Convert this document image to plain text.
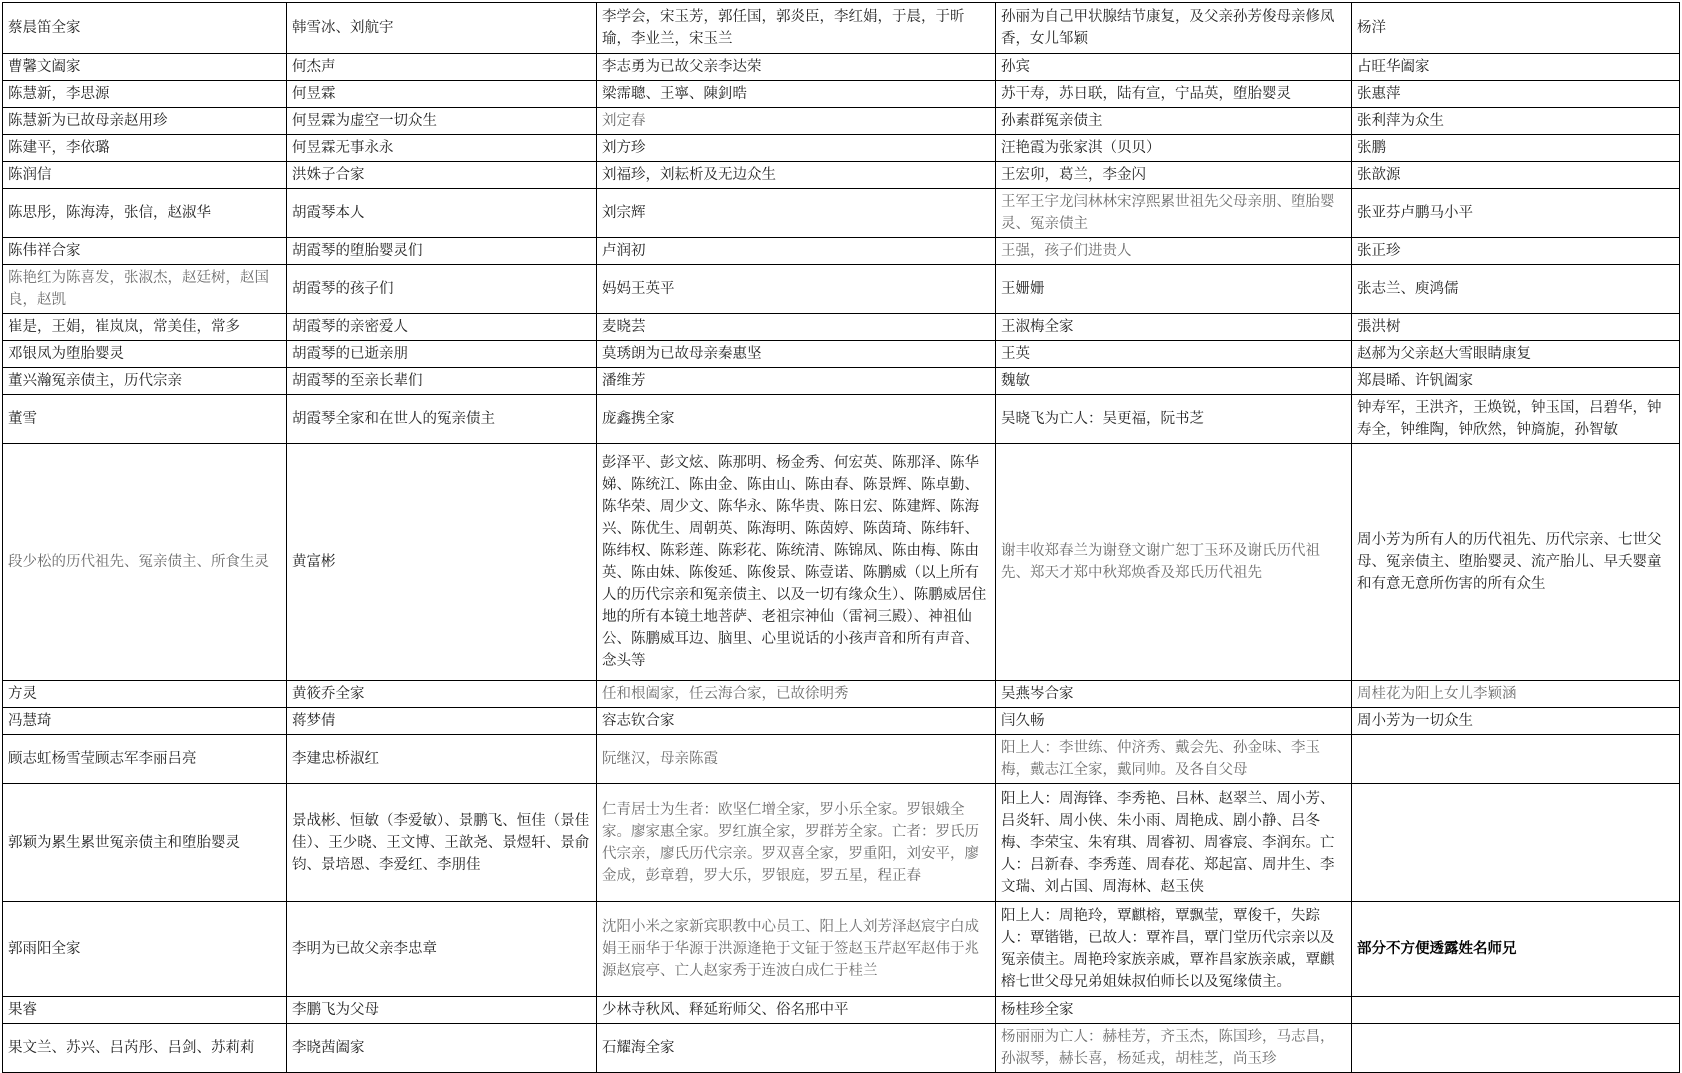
蔡晨笛全家	韩雪冰、刘航宇	李学会，宋玉芳，郭任国，郭炎臣，李红娟，于晨，于昕瑜，李业兰，宋玉兰	孙丽为自己甲状腺结节康复，及父亲孙芳俊母亲修凤香，女儿邹颖	杨洋
曹馨文阖家	何杰声	李志勇为已故父亲李达荣	孙宾	占旺华阖家
陈慧新，李思源	何昱霖	梁霈聰、王寧、陳釗晧	苏干寿，苏日联，陆有宣，宁品英，堕胎婴灵	张惠萍
陈慧新为已故母亲赵用珍	何昱霖为虚空一切众生	刘定春	孙素群冤亲债主	张利萍为众生
陈建平，李依璐	何昱霖无事永永	刘方珍	汪艳霞为张家淇（贝贝）	张鹏
陈润信	洪姝子合家	刘福珍，刘耘析及无边众生	王宏卯，葛兰，李金闪	张歆源
陈思彤，陈海涛，张信，赵淑华	胡霞琴本人	刘宗辉	王军王宇龙闫林林宋淳熙累世祖先父母亲朋、堕胎婴灵、冤亲债主	张亚芬卢鹏马小平
陈伟祥合家	胡霞琴的堕胎婴灵们	卢润初	王强，孩子们进贵人	张正珍
陈艳红为陈喜发，张淑杰，赵廷树，赵国良，赵凯	胡霞琴的孩子们	妈妈王英平	王姗姗	张志兰、庾鸿儒
崔是，王娟，崔岚岚，常美佳，常多	胡霞琴的亲密爱人	麦晓芸	王淑梅全家	張洪树
邓银凤为堕胎婴灵	胡霞琴的已逝亲朋	莫琇朗为已故母亲秦惠坚	王英	赵郝为父亲赵大雪眼睛康复
董兴瀚冤亲债主，历代宗亲	胡霞琴的至亲长辈们	潘维芳	魏敏	郑晨晞、许钒阖家
董雪	胡霞琴全家和在世人的冤亲债主	庞鑫携全家	吴晓飞为亡人：吴更福，阮书芝	钟寿军，王洪齐，王焕锐，钟玉国，吕碧华，钟寿全，钟维陶，钟欣然，钟旖旎，孙智敏
段少松的历代祖先、冤亲债主、所食生灵	黄富彬	彭泽平、彭文炫、陈那明、杨金秀、何宏英、陈那泽、陈华娣、陈统江、陈由金、陈由山、陈由春、陈景辉、陈卓勤、陈华荣、周少文、陈华永、陈华贵、陈日宏、陈建辉、陈海兴、陈优生、周朝英、陈海明、陈茵婷、陈茵琦、陈纬轩、陈纬权、陈彩莲、陈彩花、陈统清、陈锦凤、陈由梅、陈由英、陈由妹、陈俊延、陈俊景、陈壹诺、陈鹏威（以上所有人的历代宗亲和冤亲债主、以及一切有缘众生）、陈鹏威居住地的所有本镜土地菩萨、老祖宗神仙（雷祠三殿）、神祖仙公、陈鹏威耳边、脑里、心里说话的小孩声音和所有声音、念头等	谢丰收郑春兰为谢登文谢广恕丁玉环及谢氏历代祖先、郑天才郑中秋郑焕香及郑氏历代祖先	周小芳为所有人的历代祖先、历代宗亲、七世父母、冤亲债主、堕胎婴灵、流产胎儿、早夭婴童和有意无意所伤害的所有众生
方灵	黄筱乔全家	任和根阖家，任云海合家，已故徐明秀	吴燕岑合家	周桂花为阳上女儿李颖涵
冯慧琦	蒋梦倩	容志钦合家	闫久畅	周小芳为一切众生
顾志虹杨雪莹顾志军李丽吕亮	李建忠桥淑红	阮继汉，母亲陈霞	阳上人：李世练、仲济秀、戴会先、孙金味、李玉梅，戴志江全家，戴同帅。及各自父母	
郭颖为累生累世冤亲债主和堕胎婴灵	景战彬、恒敏（李爱敏）、景鹏飞、恒佳（景佳佳）、王少晓、王文博、王歆尧、景煜轩、景俞钧、景培恩、李爱红、李朋佳	仁青居士为生者：欧坚仁增全家，罗小乐全家。罗银娥全家。廖家惠全家。罗红旗全家，罗群芳全家。亡者：罗氏历代宗亲，廖氏历代宗亲。罗双喜全家，罗重阳，刘安平，廖金成，彭章碧，罗大乐，罗银庭，罗五星，程正春	阳上人：周海锋、李秀艳、吕林、赵翠兰、周小芳、吕炎轩、周小侠、朱小雨、周艳成、剧小静、吕冬梅、李荣宝、朱宥琪、周睿初、周睿宸、李润东。亡人：吕新春、李秀莲、周春花、郑起富、周井生、李文瑞、刘占国、周海林、赵玉侠	
郭雨阳全家	李明为已故父亲李忠章	沈阳小米之家新宾职教中心员工、阳上人刘芳泽赵宸宇白成娟王丽华于华源于洪源逄艳于文钲于签赵玉芹赵军赵伟于兆源赵宸亭、亡人赵家秀于连波白成仁于桂兰	阳上人：周艳玲，覃麒榕，覃飘莹，覃俊千，失踪人：覃锴锴，已故人：覃祚昌，覃门堂历代宗亲以及冤亲债主。周艳玲家族亲戚，覃祚昌家族亲戚，覃麒榕七世父母兄弟姐妹叔伯师长以及冤缘债主。	部分不方便透露姓名师兄
果睿	李鹏飞为父母	少林寺秋风、释延珩师父、俗名邢中平	杨桂珍全家	
果文兰、苏兴、吕芮彤、吕剑、苏莉莉	李晓茜阖家	石耀海全家	杨丽丽为亡人：赫桂芳，齐玉杰，陈国珍，马志昌，孙淑琴，赫长喜，杨延戎，胡桂芝，尚玉珍	
